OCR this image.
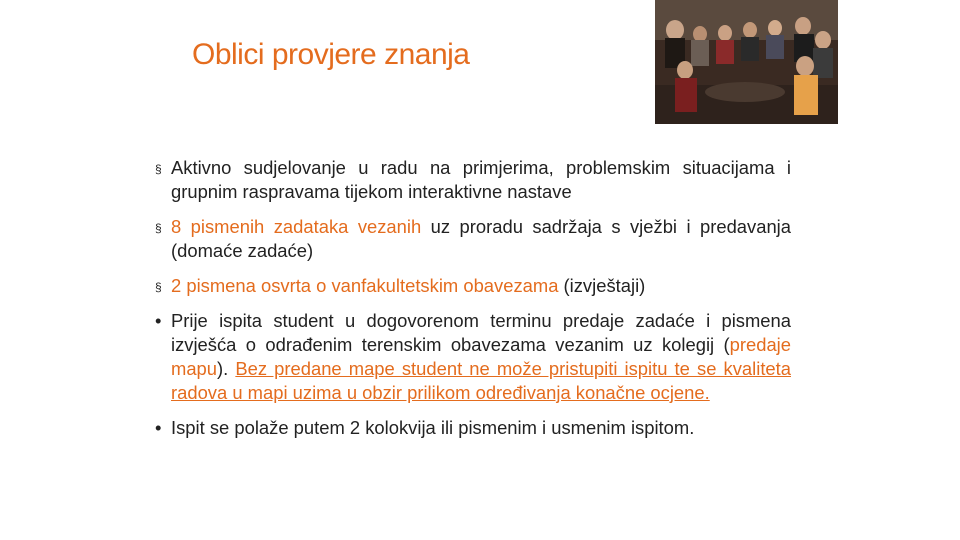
Oblici provjere znanja
§ Aktivno sudjelovanje u radu na primjerima, problemskim situacijama i grupnim raspravama tijekom interaktivne nastave
§ 8 pismenih zadataka vezanih uz proradu sadržaja s vježbi i predavanja (domaće zadaće)
§ 2 pismena osvrta o vanfakultetskim obavezama (izvještaji)
• Prije ispita student u dogovorenom terminu predaje zadaće i pismena izvješća o odrađenim terenskim obavezama vezanim uz kolegij (predaje mapu). Bez predane mape student ne može pristupiti ispitu te se kvaliteta radova u mapi uzima u obzir prilikom određivanja konačne ocjene.
• Ispit se polaže putem 2 kolokvija ili pismenim i usmenim ispitom.
